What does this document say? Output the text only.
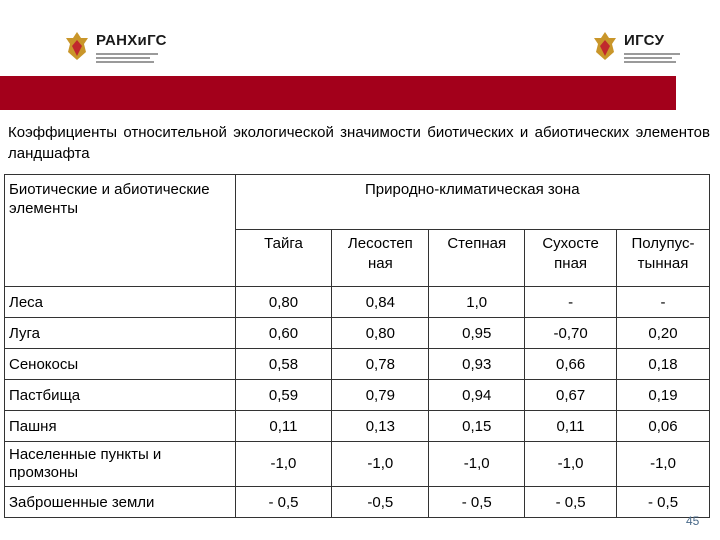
РАНХиГС	ИГСУ
Коэффициенты относительной экологической значимости биотических и абиотических элементов ландшафта
Биотические и абиотические элементы	Природно-климатическая зона				
	Тайга	Лесостеп ная	Степная	Сухосте пная	Полупус- тынная
Леса	0,80	0,84	1,0	-	-
Луга	0,60	0,80	0,95	-0,70	0,20
Сенокосы	0,58	0,78	0,93	0,66	0,18
Пастбища	0,59	0,79	0,94	0,67	0,19
Пашня	0,11	0,13	0,15	0,11	0,06
Населенные пункты и промзоны	-1,0	-1,0	-1,0	-1,0	-1,0
Заброшенные земли	- 0,5	-0,5	- 0,5	- 0,5	- 0,5
45
